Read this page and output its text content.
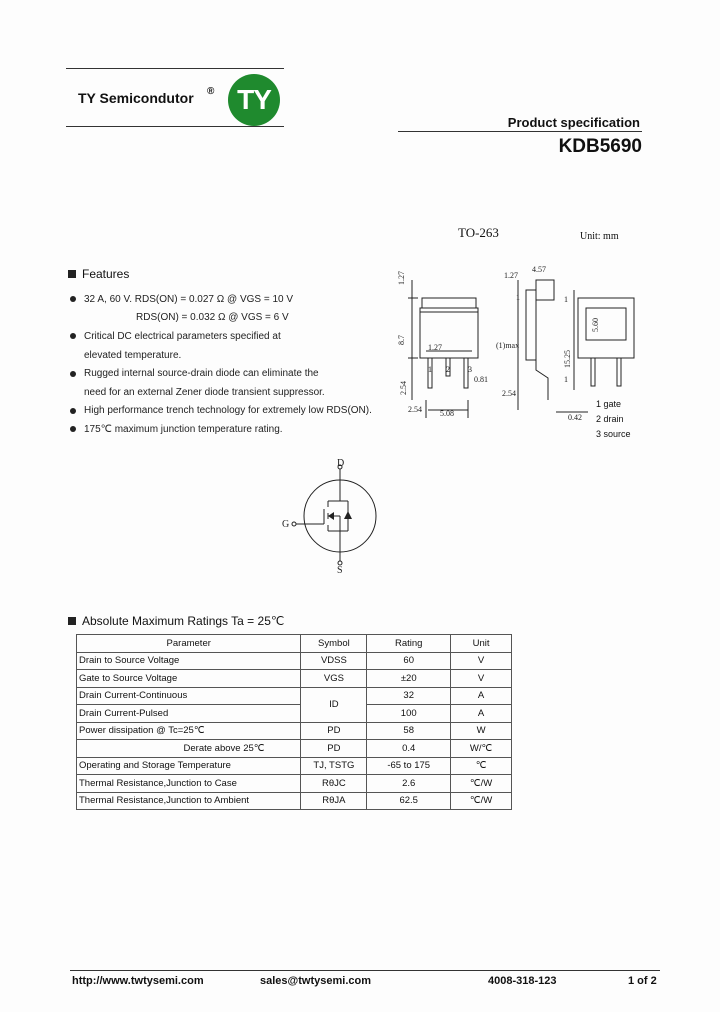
TY Semicondutor ® TY
Product specification
KDB5690
TO-263	Unit: mm
1.27	1.27
4.57
8.7
1.27	(1)max
5.60
15.25
2.54
5.08
0.81
2.54
0.42
2.54
1 2 3
1	1
1
1 gate
2 drain
3 source
Features
32 A, 60 V. RDS(ON) = 0.027 Ω @ VGS = 10 V
RDS(ON) = 0.032 Ω @ VGS = 6 V
Critical DC electrical parameters specified at
elevated temperature.
Rugged internal source-drain diode can eliminate the
need for an external Zener diode transient suppressor.
High performance trench technology for extremely low RDS(ON).
175℃ maximum junction temperature rating.
D
G
S
Absolute Maximum Ratings Ta = 25℃
Parameter	Symbol	Rating	Unit
Drain to Source Voltage	VDSS	60	V
Gate to Source Voltage	VGS	±20	V
Drain Current-Continuous	ID	32	A
Drain Current-Pulsed		100	A
Power dissipation @ Tc=25℃	PD	58	W
Derate above 25℃	PD	0.4	W/℃
Operating and Storage Temperature	TJ, TSTG	-65 to 175	℃
Thermal Resistance,Junction to Case	RθJC	2.6	℃/W
Thermal Resistance,Junction to Ambient	RθJA	62.5	℃/W
http://www.twtysemi.com	sales@twtysemi.com	4008-318-123	1 of 2
